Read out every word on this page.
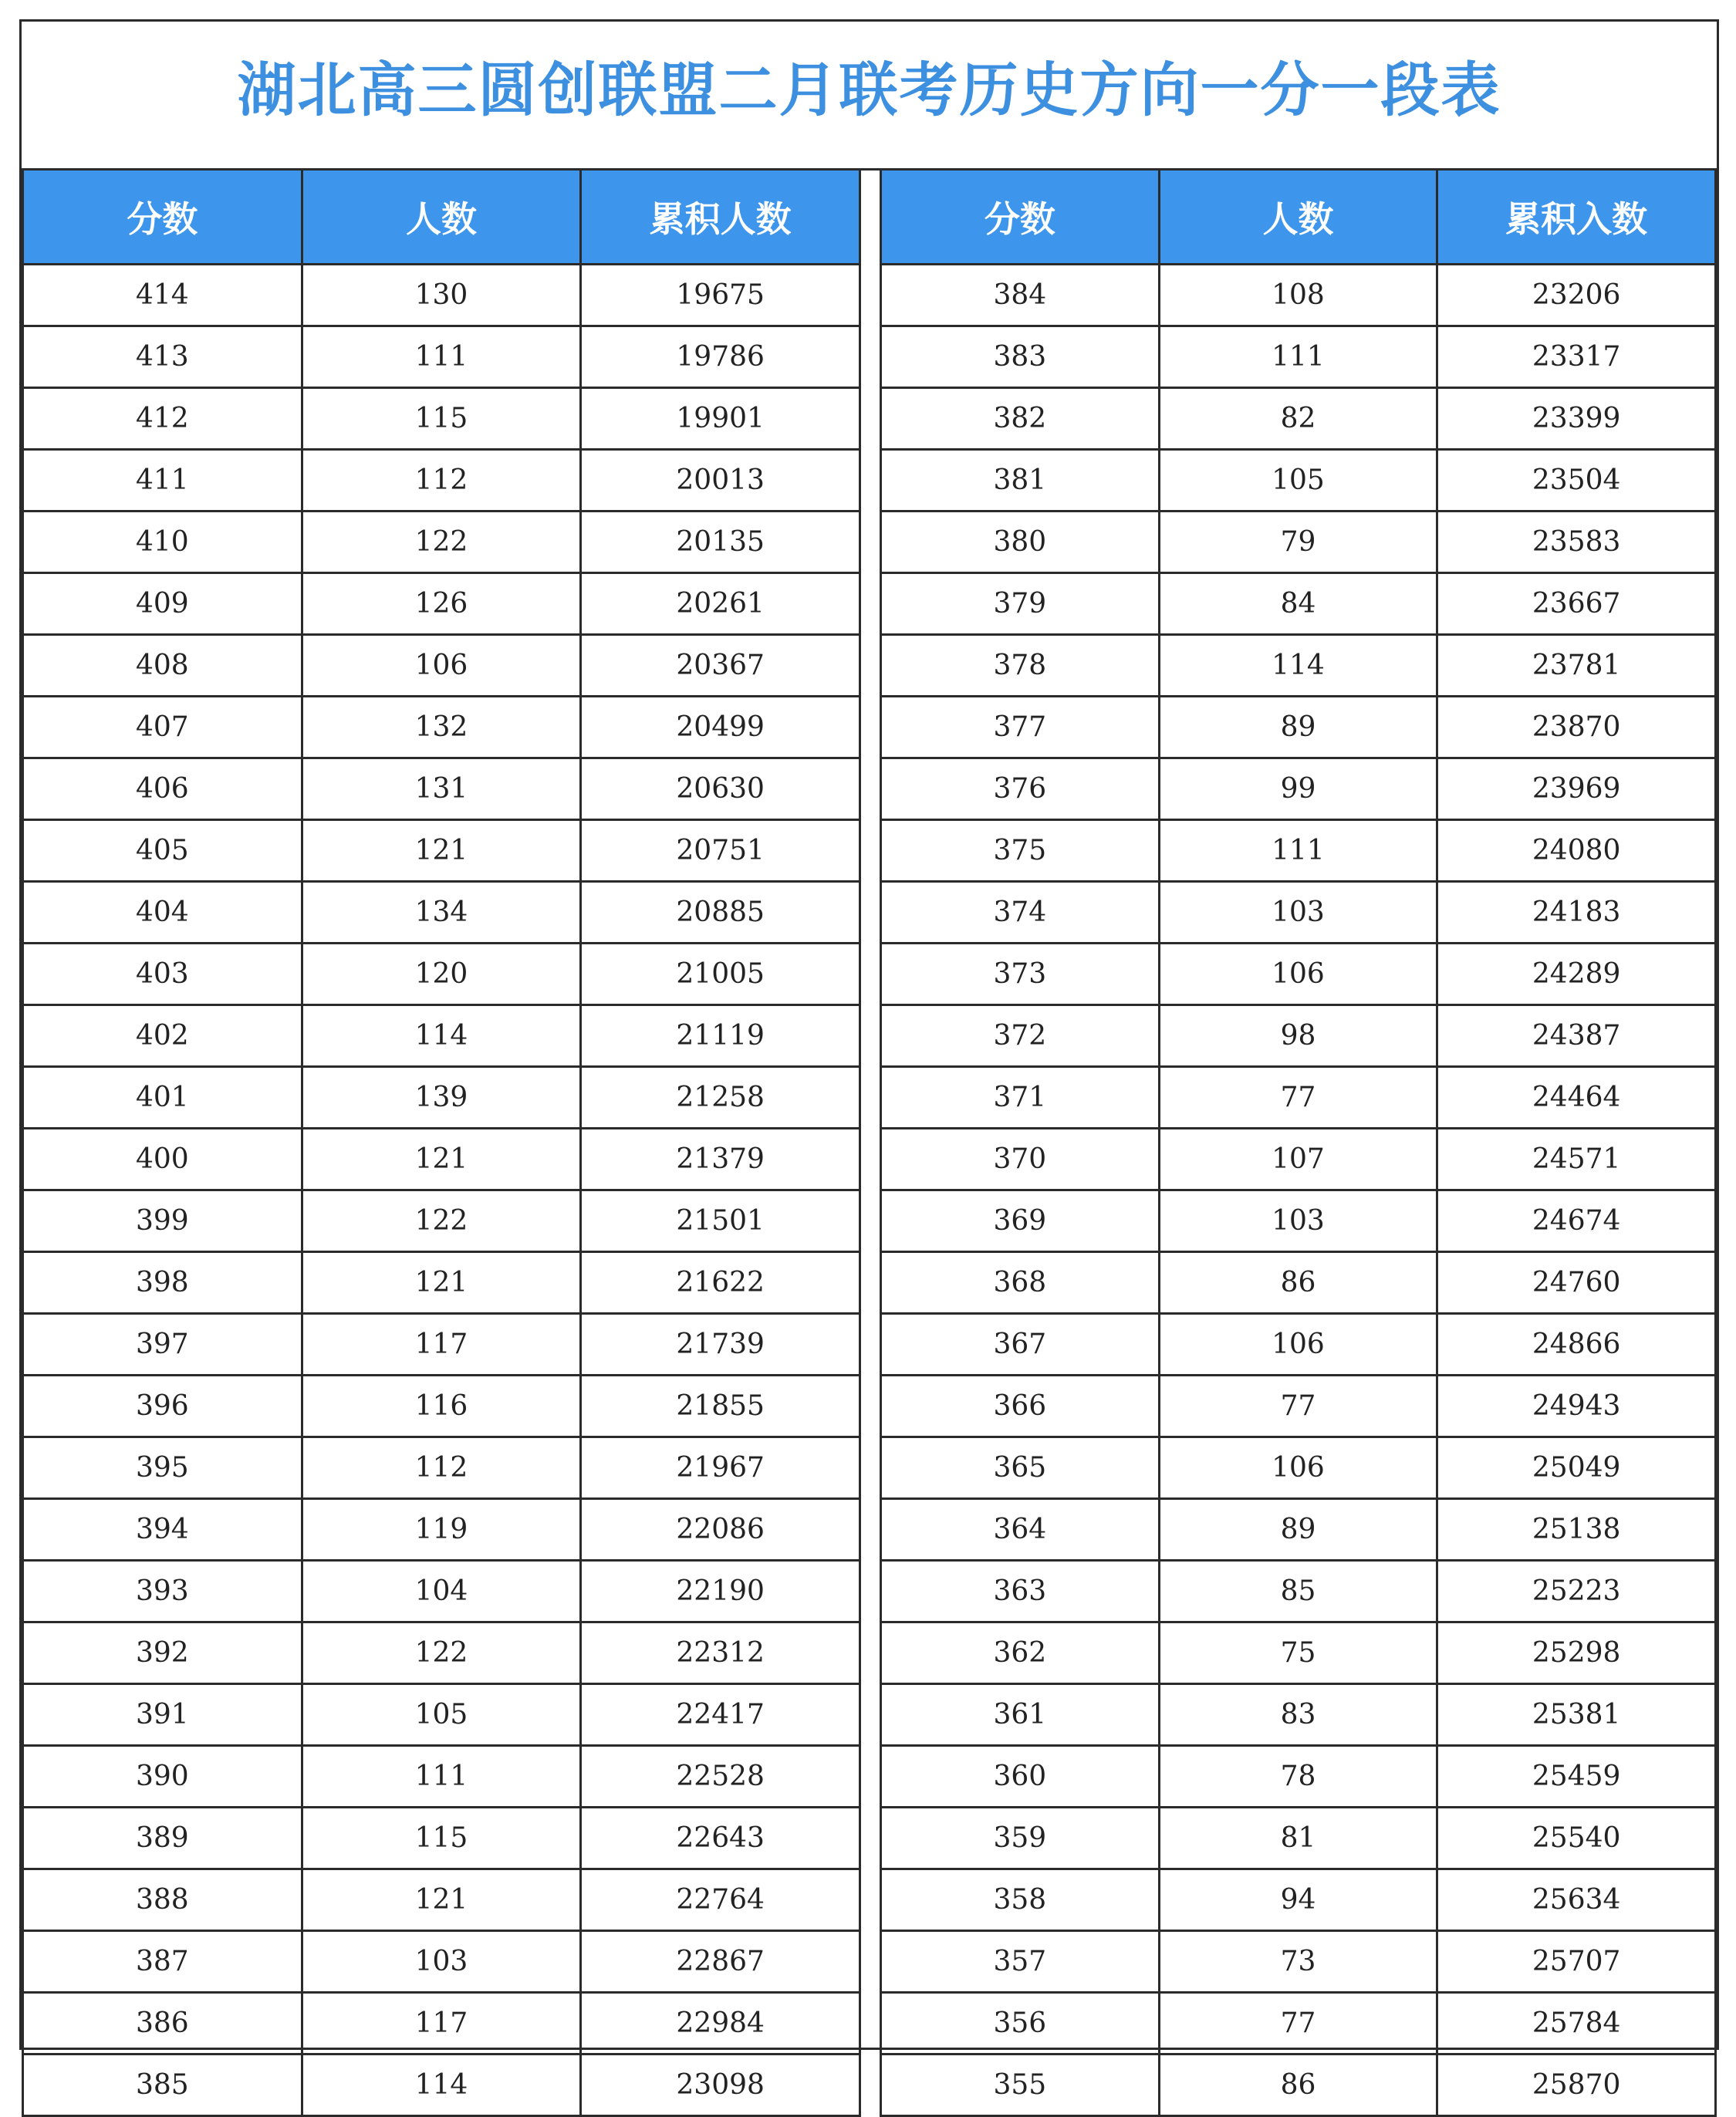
湖北高三圆创联盟二月联考历史方向一分一段表
分数	人数	累积人数
414	130	19675
413	111	19786
412	115	19901
411	112	20013
410	122	20135
409	126	20261
408	106	20367
407	132	20499
406	131	20630
405	121	20751
404	134	20885
403	120	21005
402	114	21119
401	139	21258
400	121	21379
399	122	21501
398	121	21622
397	117	21739
396	116	21855
395	112	21967
394	119	22086
393	104	22190
392	122	22312
391	105	22417
390	111	22528
389	115	22643
388	121	22764
387	103	22867
386	117	22984
385	114	23098
分数	人数	累积入数
384	108	23206
383	111	23317
382	82	23399
381	105	23504
380	79	23583
379	84	23667
378	114	23781
377	89	23870
376	99	23969
375	111	24080
374	103	24183
373	106	24289
372	98	24387
371	77	24464
370	107	24571
369	103	24674
368	86	24760
367	106	24866
366	77	24943
365	106	25049
364	89	25138
363	85	25223
362	75	25298
361	83	25381
360	78	25459
359	81	25540
358	94	25634
357	73	25707
356	77	25784
355	86	25870
